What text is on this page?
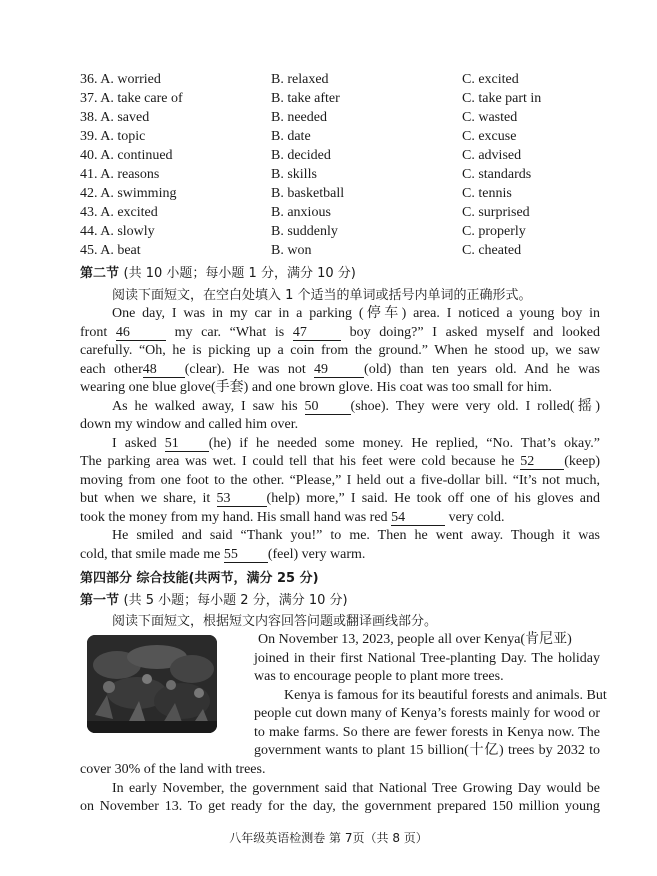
36. A. worried	B. relaxed	C. excited
37. A. take care of	B. take after	C. take part in
38. A. saved	B. needed	C. wasted
39. A. topic	B. date	C. excuse
40. A. continued	B. decided	C. advised
41. A. reasons	B. skills	C. standards
42. A. swimming	B. basketball	C. tennis
43. A. excited	B. anxious	C. surprised
44. A. slowly	B. suddenly	C. properly
45. A. beat	B. won	C. cheated
第二节 (共 10 小题；每小题 1 分，满分 10 分)
阅读下面短文，在空白处填入 1 个适当的单词或括号内单词的正确形式。
One day, I was in my car in a parking (停车) area. I noticed a young boy in
front 46	my car. “What is 47	boy doing?” I asked myself and looked
carefully. “Oh, he is picking up a coin from the ground.” When he stood up, we saw
each other48 (clear). He was not 49	(old) than ten years old. And he was
wearing one blue glove(手套) and one brown glove. His coat was too small for him.
As he walked away, I saw his 50 (shoe). They were very old. I rolled(摇)
down my window and called him over.
I asked 51 (he) if he needed some money. He replied, “No. That’s okay.”
The parking area was wet. I could tell that his feet were cold because he 52 (keep)
moving from one foot to the other. “Please,” I held out a five-dollar bill. “It’s not much,
but when we share, it 53	(help) more,” I said. He took off one of his gloves and
took the money from my hand. His small hand was red 54	very cold.
He smiled and said “Thank you!” to me. Then he went away. Though it was
cold, that smile made me 55 (feel) very warm.
第四部分 综合技能(共两节，满分 25 分)
第一节 (共 5 小题；每小题 2 分，满分 10 分)
阅读下面短文，根据短文内容回答问题或翻译画线部分。
On November 13, 2023, people all over Kenya(肯尼亚)
joined in their first National Tree-planting Day. The holiday
was to encourage people to plant more trees.
Kenya is famous for its beautiful forests and animals. But
people cut down many of Kenya’s forests mainly for wood or
to make farms. So there are fewer forests in Kenya now. The
government wants to plant 15 billion(十亿) trees by 2032 to
cover 30% of the land with trees.
In early November, the government said that National Tree Growing Day would be
on November 13. To get ready for the day, the government prepared 150 million young
八年级英语检测卷 第 7页（共 8 页）
